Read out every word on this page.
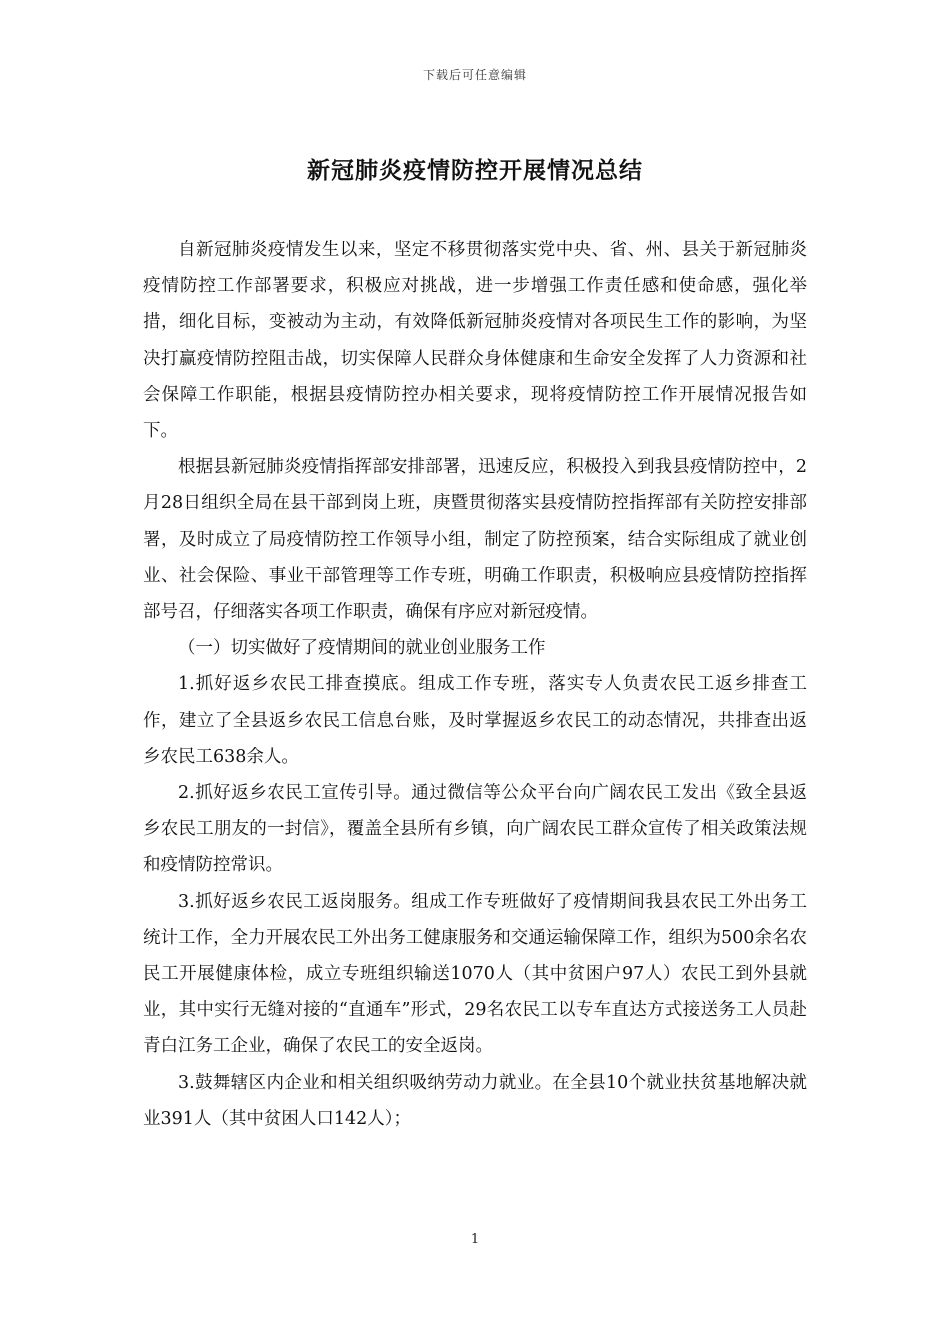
下载后可任意编辑
新冠肺炎疫情防控开展情况总结

自新冠肺炎疫情发生以来，坚定不移贯彻落实党中央、省、州、县关于新冠肺炎疫情防控工作部署要求，积极应对挑战，进一步增强工作责任感和使命感，强化举措，细化目标，变被动为主动，有效降低新冠肺炎疫情对各项民生工作的影响，为坚决打赢疫情防控阻击战，切实保障人民群众身体健康和生命安全发挥了人力资源和社会保障工作职能，根据县疫情防控办相关要求，现将疫情防控工作开展情况报告如下。

根据县新冠肺炎疫情指挥部安排部署，迅速反应，积极投入到我县疫情防控中，2月28日组织全局在县干部到岗上班，庚暨贯彻落实县疫情防控指挥部有关防控安排部署，及时成立了局疫情防控工作领导小组，制定了防控预案，结合实际组成了就业创业、社会保险、事业干部管理等工作专班，明确工作职责，积极响应县疫情防控指挥部号召，仔细落实各项工作职责，确保有序应对新冠疫情。

（一）切实做好了疫情期间的就业创业服务工作

1.抓好返乡农民工排查摸底。组成工作专班，落实专人负责农民工返乡排查工作，建立了全县返乡农民工信息台账，及时掌握返乡农民工的动态情况，共排查出返乡农民工638余人。

2.抓好返乡农民工宣传引导。通过微信等公众平台向广阔农民工发出《致全县返乡农民工朋友的一封信》，覆盖全县所有乡镇，向广阔农民工群众宣传了相关政策法规和疫情防控常识。

3.抓好返乡农民工返岗服务。组成工作专班做好了疫情期间我县农民工外出务工统计工作，全力开展农民工外出务工健康服务和交通运输保障工作，组织为500余名农民工开展健康体检，成立专班组织输送1070人（其中贫困户97人）农民工到外县就业，其中实行无缝对接的“直通车”形式，29名农民工以专车直达方式接送务工人员赴青白江务工企业，确保了农民工的安全返岗。

3.鼓舞辖区内企业和相关组织吸纳劳动力就业。在全县10个就业扶贫基地解决就业391人（其中贫困人口142人）；

1
